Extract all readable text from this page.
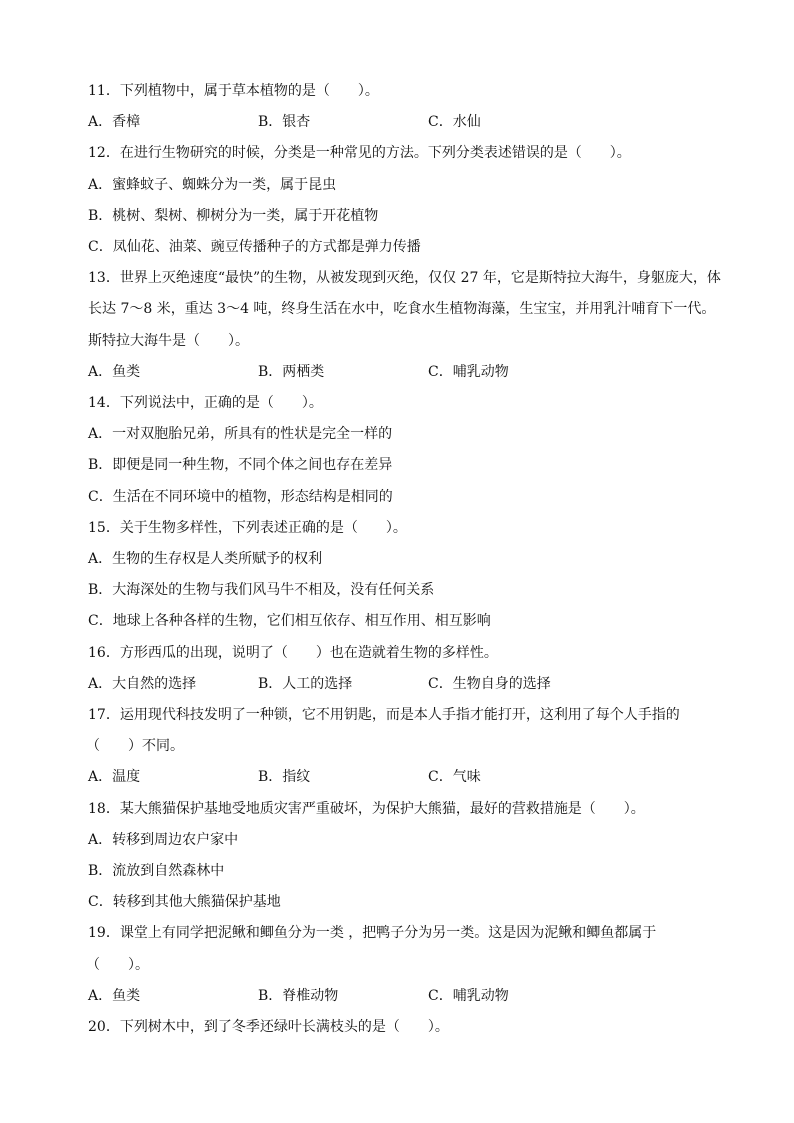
11．下列植物中，属于草本植物的是（　　）。
A．香樟	B．银杏	C．水仙
12．在进行生物研究的时候，分类是一种常见的方法。下列分类表述错误的是（　　）。
A．蜜蜂蚊子、蜘蛛分为一类，属于昆虫
B．桃树、梨树、柳树分为一类，属于开花植物
C．凤仙花、油菜、豌豆传播种子的方式都是弹力传播
13．世界上灭绝速度“最快”的生物，从被发现到灭绝，仅仅 27 年，它是斯特拉大海牛，身躯庞大，体
长达 7～8 米，重达 3～4 吨，终身生活在水中，吃食水生植物海藻，生宝宝，并用乳汁哺育下一代。
斯特拉大海牛是（　　）。
A．鱼类	B．两栖类	C．哺乳动物
14．下列说法中，正确的是（　　）。
A．一对双胞胎兄弟，所具有的性状是完全一样的
B．即便是同一种生物，不同个体之间也存在差异
C．生活在不同环境中的植物，形态结构是相同的
15．关于生物多样性，下列表述正确的是（　　）。
A．生物的生存权是人类所赋予的权利
B．大海深处的生物与我们风马牛不相及，没有任何关系
C．地球上各种各样的生物，它们相互依存、相互作用、相互影响
16．方形西瓜的出现，说明了（　　）也在造就着生物的多样性。
A．大自然的选择	B．人工的选择	C．生物自身的选择
17．运用现代科技发明了一种锁，它不用钥匙，而是本人手指才能打开，这利用了每个人手指的
（　　）不同。
A．温度	B．指纹	C．气味
18．某大熊猫保护基地受地质灾害严重破坏，为保护大熊猫，最好的营救措施是（　　）。
A．转移到周边农户家中
B．流放到自然森林中
C．转移到其他大熊猫保护基地
19．课堂上有同学把泥鳅和鲫鱼分为一类 ，把鸭子分为另一类。这是因为泥鳅和鲫鱼都属于
（　　）。
A．鱼类	B．脊椎动物	C．哺乳动物
20．下列树木中，到了冬季还绿叶长满枝头的是（　　）。
